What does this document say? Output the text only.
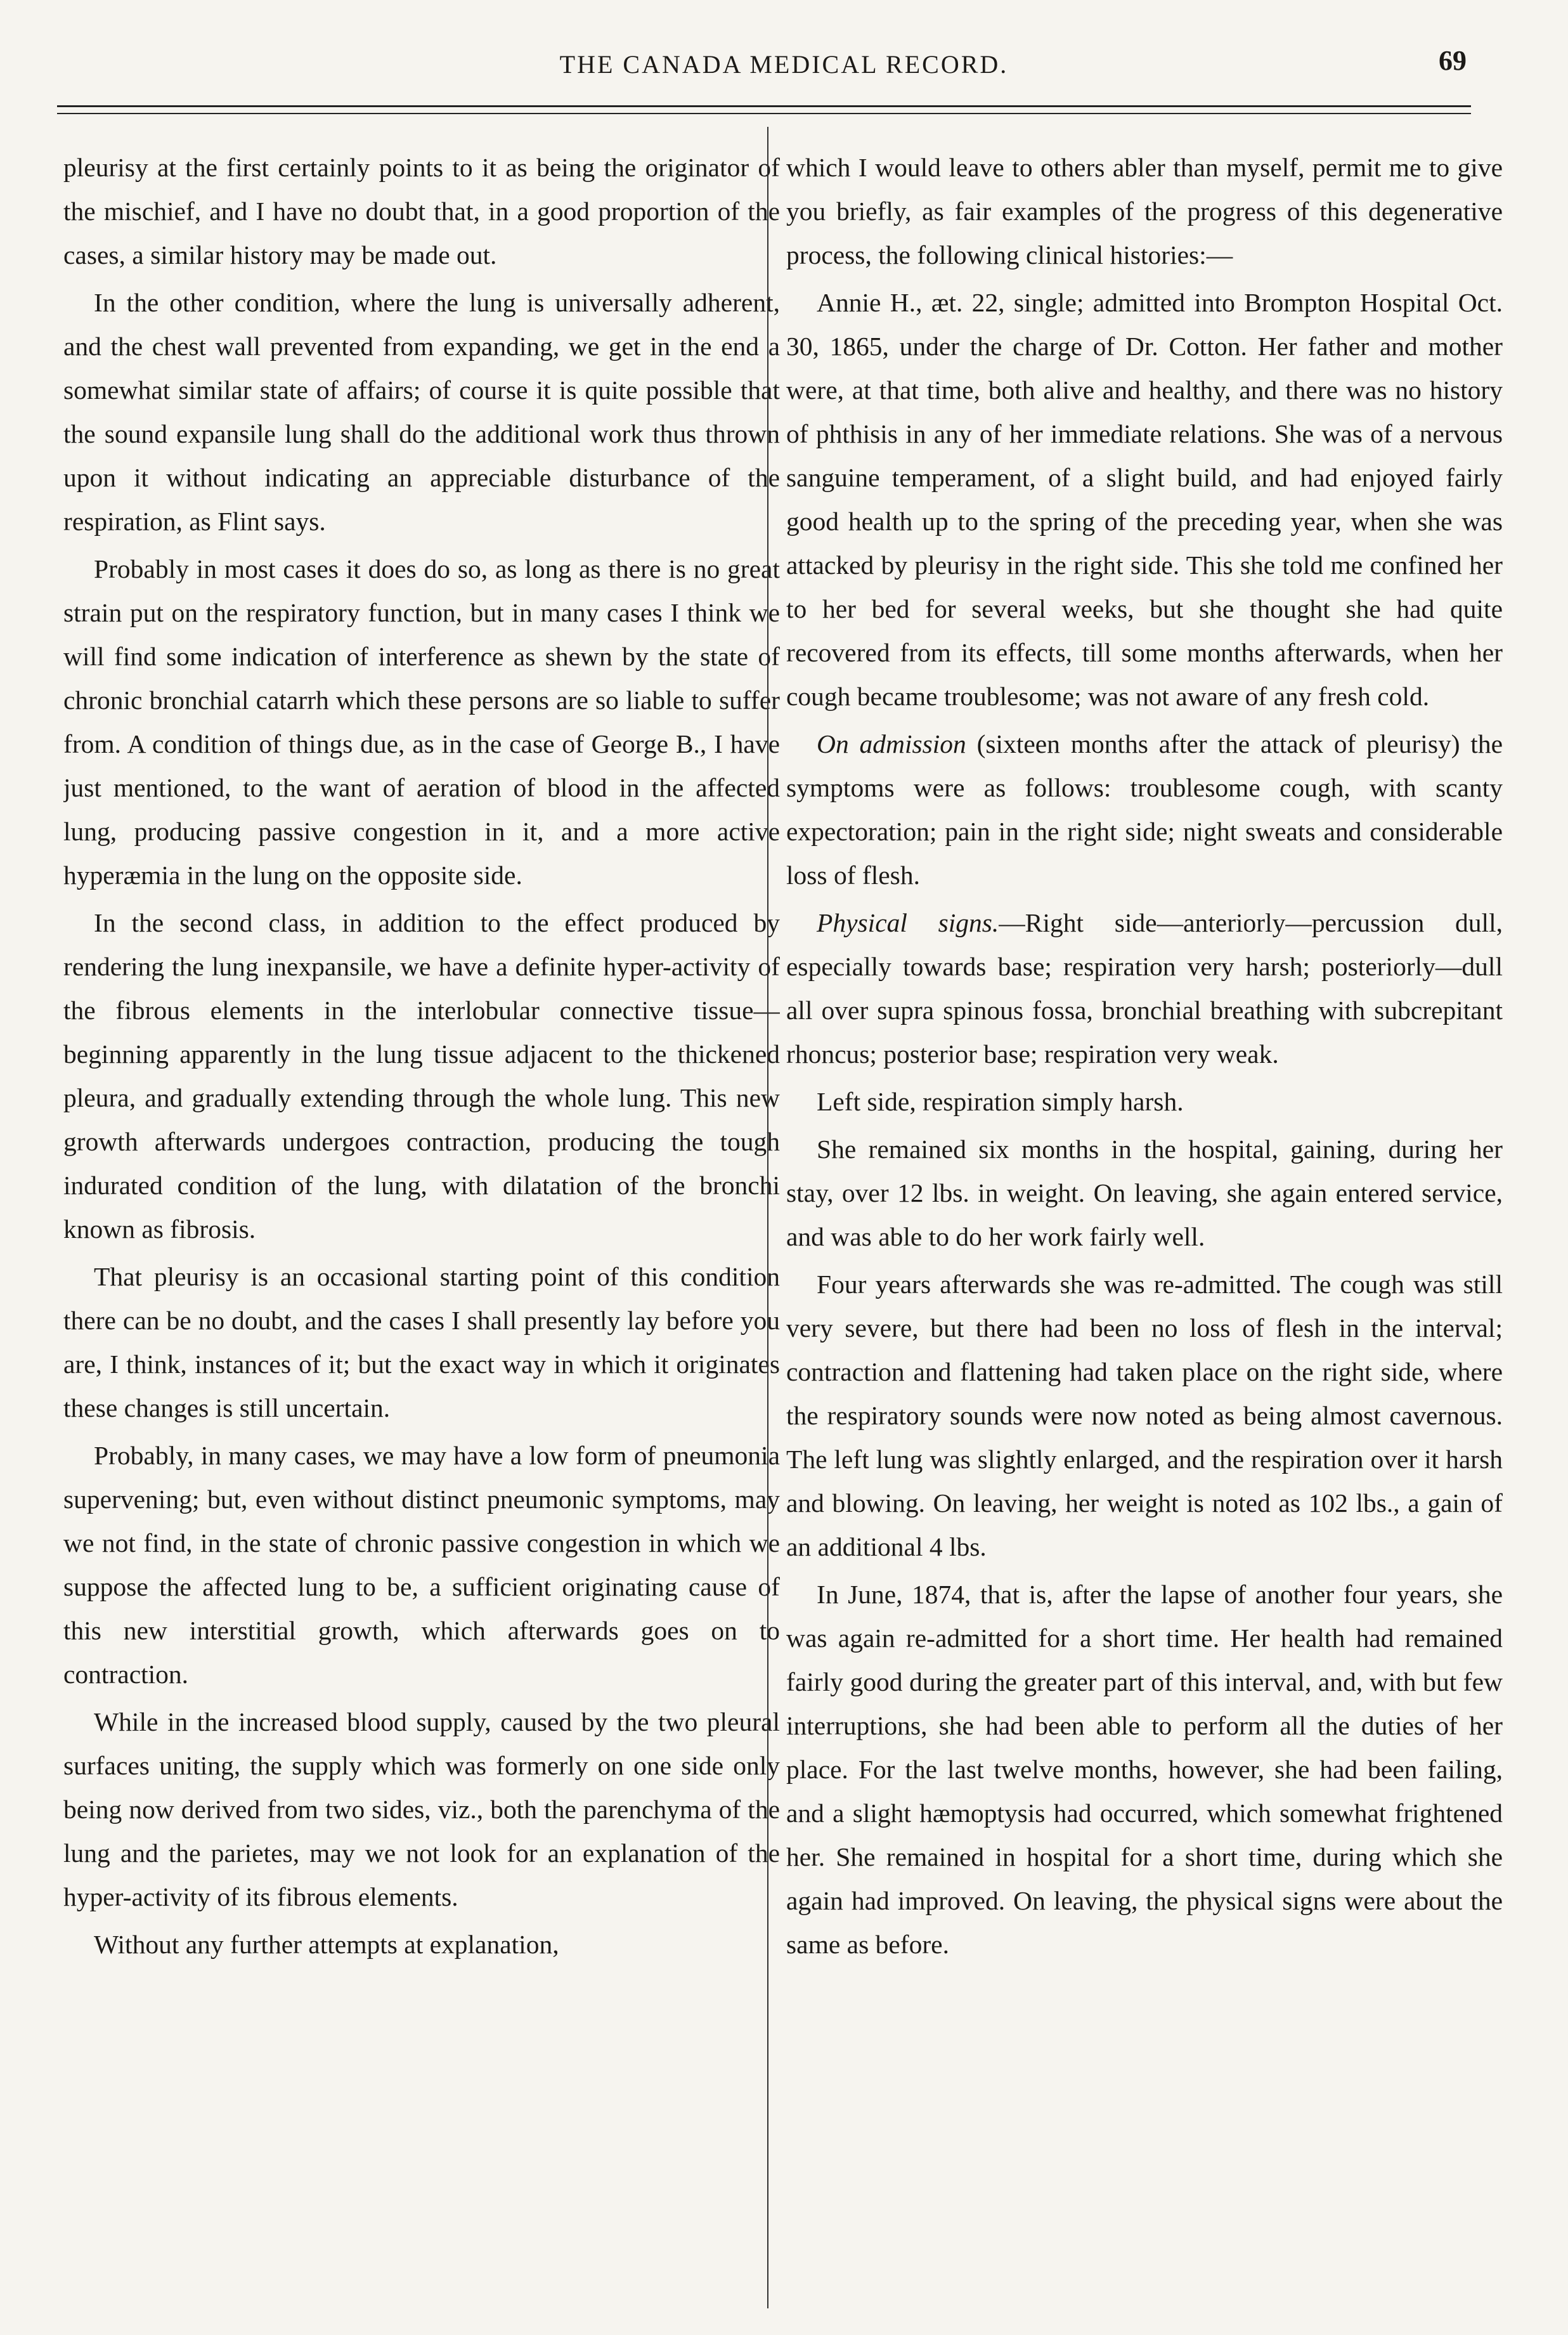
THE CANADA MEDICAL RECORD.	69

pleurisy at the first certainly points to it as being the originator of the mischief, and I have no doubt that, in a good proportion of the cases, a similar history may be made out.

In the other condition, where the lung is universally adherent, and the chest wall prevented from expanding, we get in the end a somewhat similar state of affairs; of course it is quite possible that the sound expansile lung shall do the additional work thus thrown upon it without indicating an appreciable disturbance of the respiration, as Flint says.

Probably in most cases it does do so, as long as there is no great strain put on the respiratory function, but in many cases I think we will find some indication of interference as shewn by the state of chronic bronchial catarrh which these persons are so liable to suffer from. A condition of things due, as in the case of George B., I have just mentioned, to the want of aeration of blood in the affected lung, producing passive congestion in it, and a more active hyperæmia in the lung on the opposite side.

In the second class, in addition to the effect produced by rendering the lung inexpansile, we have a definite hyper-activity of the fibrous elements in the interlobular connective tissue—beginning apparently in the lung tissue adjacent to the thickened pleura, and gradually extending through the whole lung. This new growth afterwards undergoes contraction, producing the tough indurated condition of the lung, with dilatation of the bronchi known as fibrosis.

That pleurisy is an occasional starting point of this condition there can be no doubt, and the cases I shall presently lay before you are, I think, instances of it; but the exact way in which it originates these changes is still uncertain.

Probably, in many cases, we may have a low form of pneumonia supervening; but, even without distinct pneumonic symptoms, may we not find, in the state of chronic passive congestion in which we suppose the affected lung to be, a sufficient originating cause of this new interstitial growth, which afterwards goes on to contraction.

While in the increased blood supply, caused by the two pleural surfaces uniting, the supply which was formerly on one side only being now derived from two sides, viz., both the parenchyma of the lung and the parietes, may we not look for an explanation of the hyper-activity of its fibrous elements.

Without any further attempts at explanation,

which I would leave to others abler than myself, permit me to give you briefly, as fair examples of the progress of this degenerative process, the following clinical histories:—

Annie H., æt. 22, single; admitted into Brompton Hospital Oct. 30, 1865, under the charge of Dr. Cotton. Her father and mother were, at that time, both alive and healthy, and there was no history of phthisis in any of her immediate relations. She was of a nervous sanguine temperament, of a slight build, and had enjoyed fairly good health up to the spring of the preceding year, when she was attacked by pleurisy in the right side. This she told me confined her to her bed for several weeks, but she thought she had quite recovered from its effects, till some months afterwards, when her cough became troublesome; was not aware of any fresh cold.

On admission (sixteen months after the attack of pleurisy) the symptoms were as follows: troublesome cough, with scanty expectoration; pain in the right side; night sweats and considerable loss of flesh.

Physical signs.—Right side—anteriorly—percussion dull, especially towards base; respiration very harsh; posteriorly—dull all over supra spinous fossa, bronchial breathing with subcrepitant rhoncus; posterior base; respiration very weak.

Left side, respiration simply harsh.

She remained six months in the hospital, gaining, during her stay, over 12 lbs. in weight. On leaving, she again entered service, and was able to do her work fairly well.

Four years afterwards she was re-admitted. The cough was still very severe, but there had been no loss of flesh in the interval; contraction and flattening had taken place on the right side, where the respiratory sounds were now noted as being almost cavernous. The left lung was slightly enlarged, and the respiration over it harsh and blowing. On leaving, her weight is noted as 102 lbs., a gain of an additional 4 lbs.

In June, 1874, that is, after the lapse of another four years, she was again re-admitted for a short time. Her health had remained fairly good during the greater part of this interval, and, with but few interruptions, she had been able to perform all the duties of her place. For the last twelve months, however, she had been failing, and a slight hæmoptysis had occurred, which somewhat frightened her. She remained in hospital for a short time, during which she again had improved. On leaving, the physical signs were about the same as before.
